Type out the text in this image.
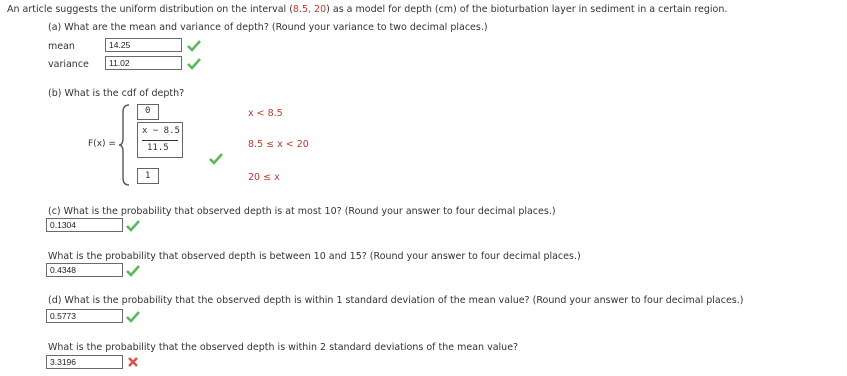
An article suggests the uniform distribution on the interval (8.5, 20) as a model for depth (cm) of the bioturbation layer in sediment in a certain region.
(a) What are the mean and variance of depth? (Round your variance to two decimal places.)
mean	14.25
variance	11.02
(b) What is the cdf of depth?
F(x) =
0	x < 8.5
x − 8.5
11.5	8.5 ≤ x < 20
1	20 ≤ x
(c) What is the probability that observed depth is at most 10? (Round your answer to four decimal places.)
0.1304
What is the probability that observed depth is between 10 and 15? (Round your answer to four decimal places.)
0.4348
(d) What is the probability that the observed depth is within 1 standard deviation of the mean value? (Round your answer to four decimal places.)
0.5773
What is the probability that the observed depth is within 2 standard deviations of the mean value?
3.3196
